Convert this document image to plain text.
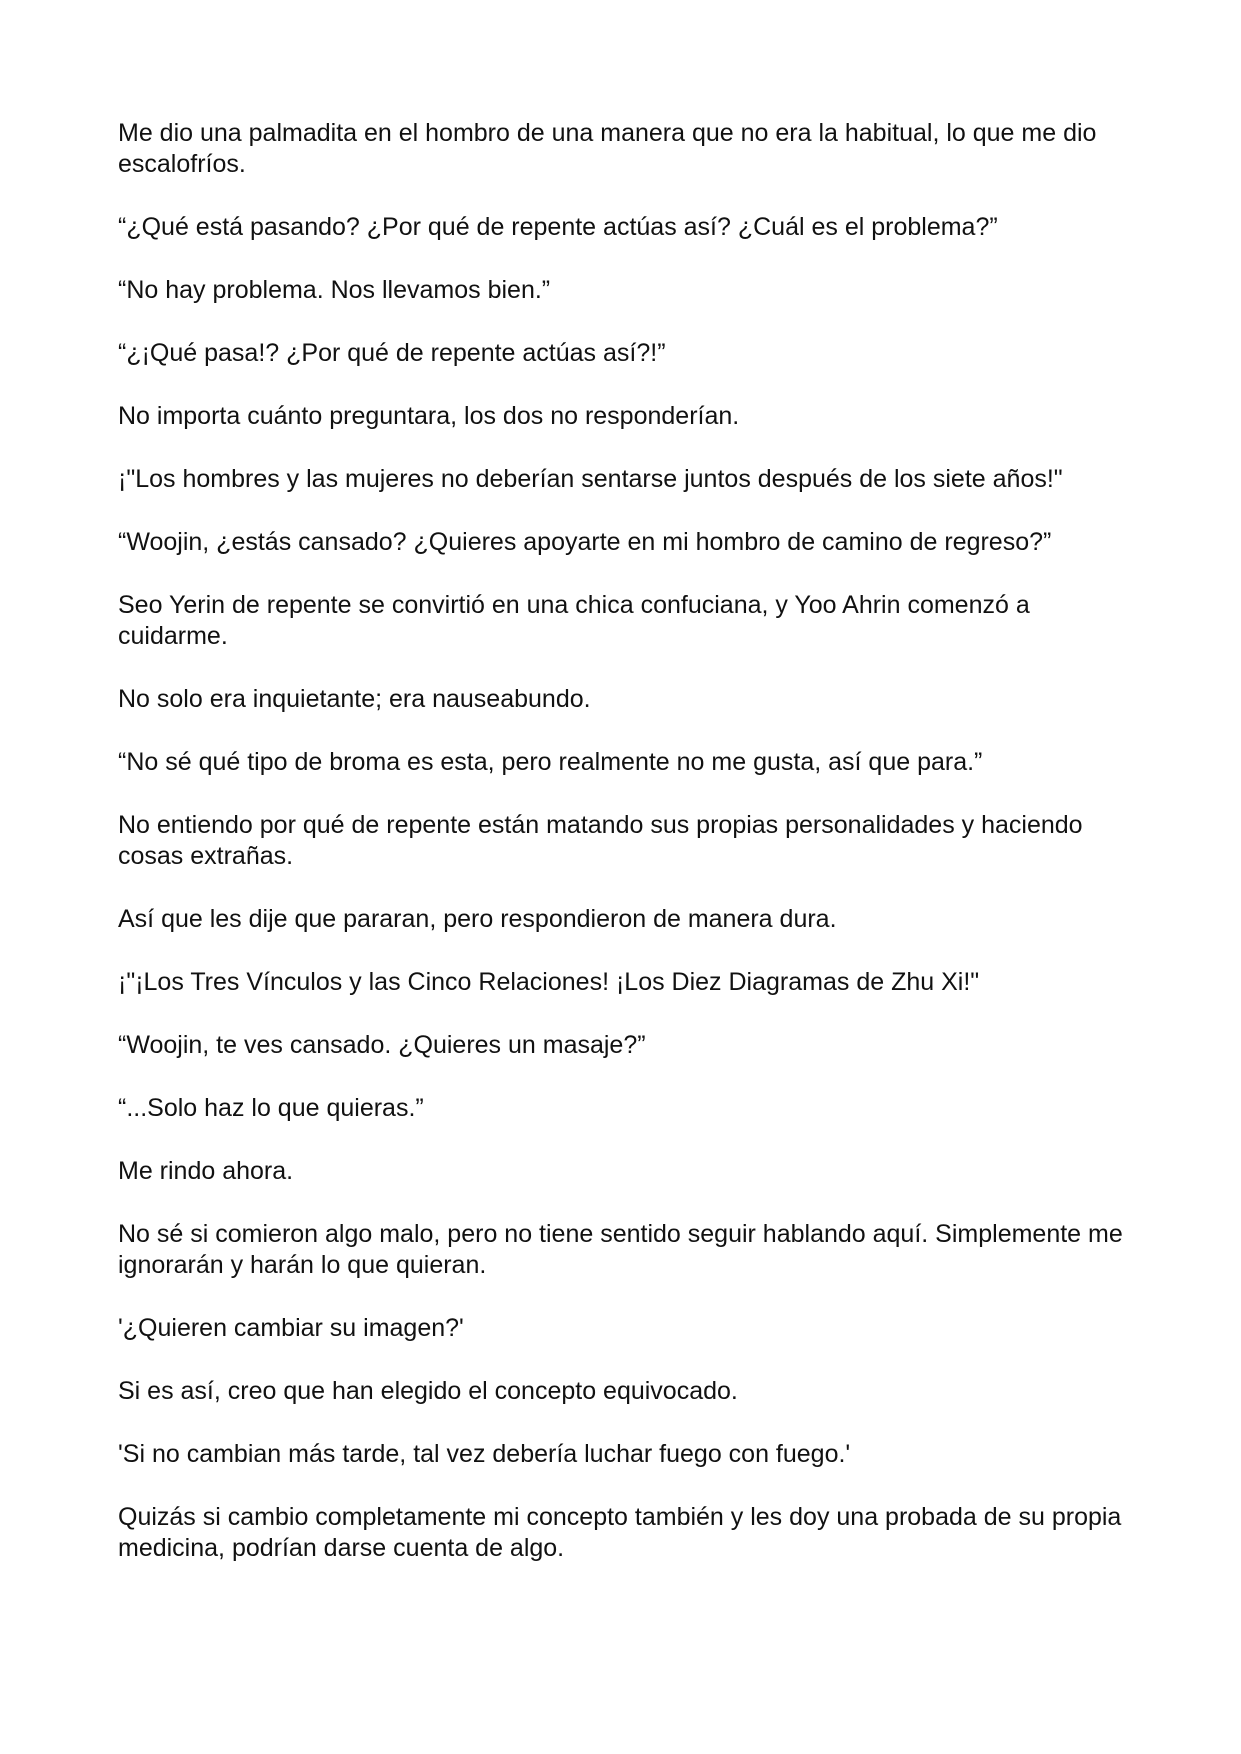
Me dio una palmadita en el hombro de una manera que no era la habitual, lo que me dio escalofríos.

“¿Qué está pasando? ¿Por qué de repente actúas así? ¿Cuál es el problema?”

“No hay problema. Nos llevamos bien.”

“¿¡Qué pasa!? ¿Por qué de repente actúas así?!”

No importa cuánto preguntara, los dos no responderían.

¡"Los hombres y las mujeres no deberían sentarse juntos después de los siete años!"

“Woojin, ¿estás cansado? ¿Quieres apoyarte en mi hombro de camino de regreso?”

Seo Yerin de repente se convirtió en una chica confuciana, y Yoo Ahrin comenzó a cuidarme.

No solo era inquietante; era nauseabundo.

“No sé qué tipo de broma es esta, pero realmente no me gusta, así que para.”

No entiendo por qué de repente están matando sus propias personalidades y haciendo cosas extrañas.

Así que les dije que pararan, pero respondieron de manera dura.

¡"¡Los Tres Vínculos y las Cinco Relaciones! ¡Los Diez Diagramas de Zhu Xi!"

“Woojin, te ves cansado. ¿Quieres un masaje?”

“...Solo haz lo que quieras.”

Me rindo ahora.

No sé si comieron algo malo, pero no tiene sentido seguir hablando aquí. Simplemente me ignorarán y harán lo que quieran.

'¿Quieren cambiar su imagen?'

Si es así, creo que han elegido el concepto equivocado.

'Si no cambian más tarde, tal vez debería luchar fuego con fuego.'

Quizás si cambio completamente mi concepto también y les doy una probada de su propia medicina, podrían darse cuenta de algo.
